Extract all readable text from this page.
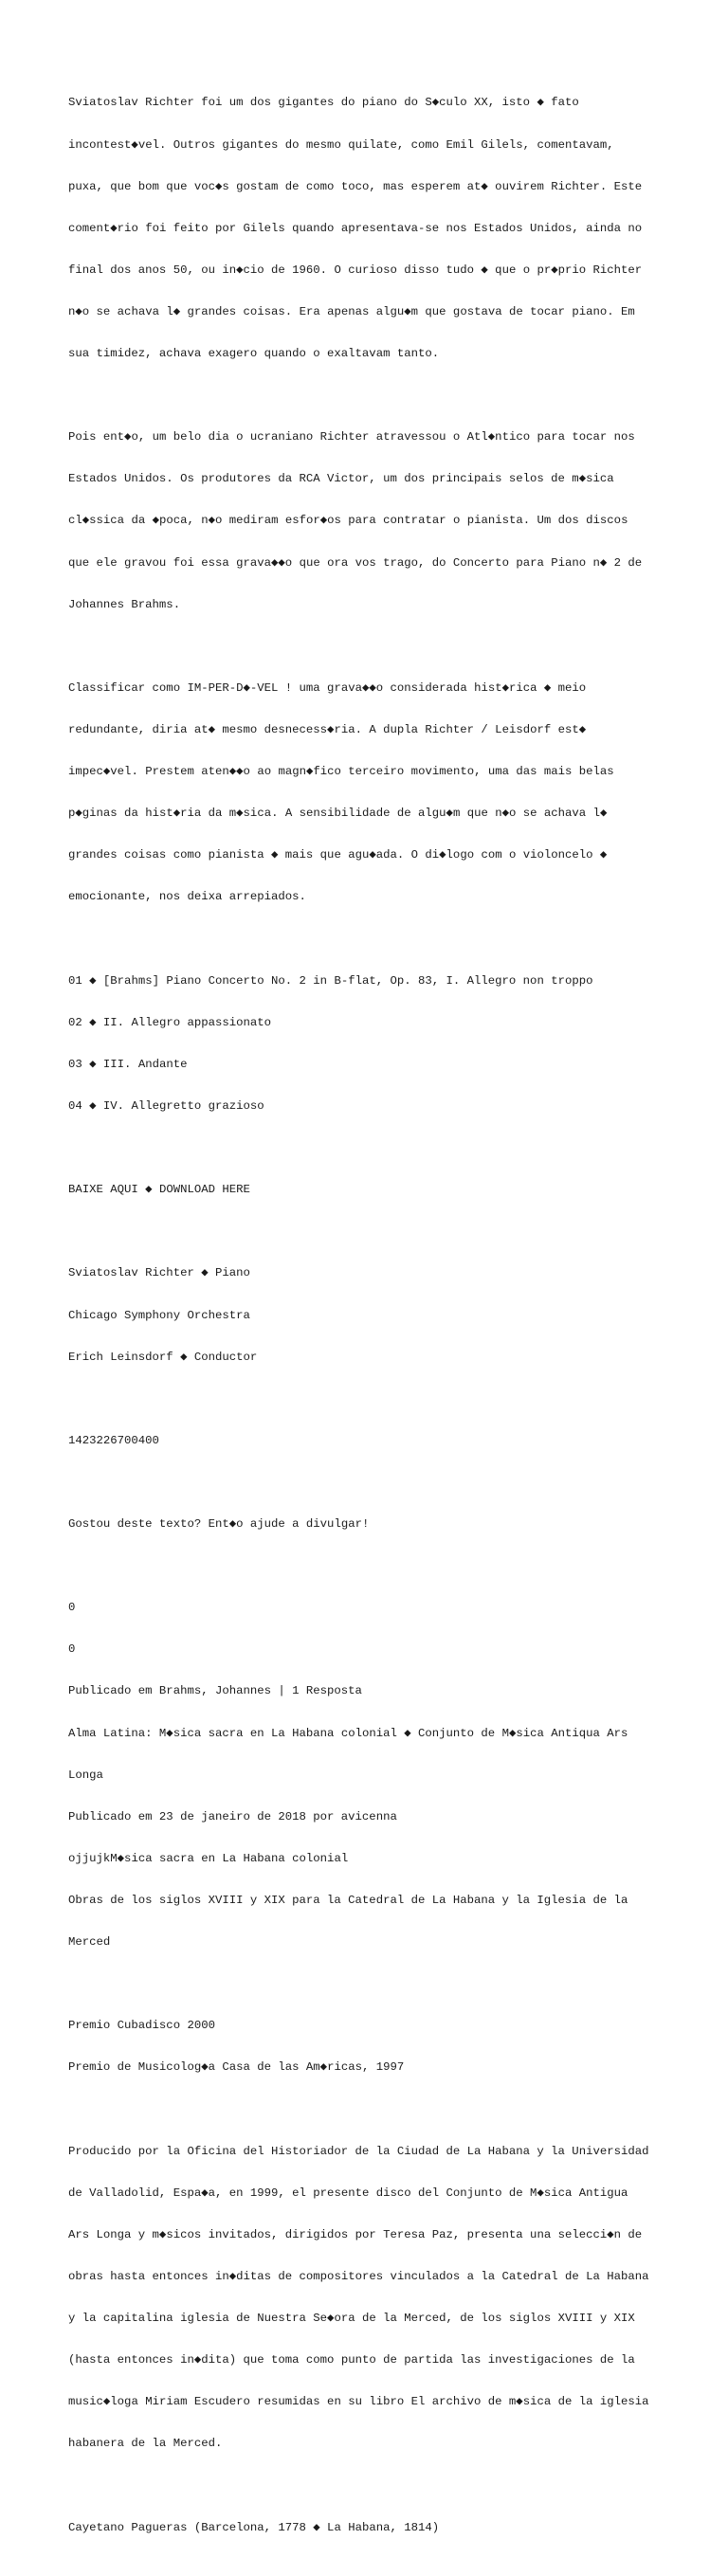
Sviatoslav Richter foi um dos gigantes do piano do S◆culo XX, isto ◆ fato

incontest◆vel. Outros gigantes do mesmo quilate, como Emil Gilels, comentavam,

puxa, que bom que voc◆s gostam de como toco, mas esperem at◆ ouvirem Richter. Este

coment◆rio foi feito por Gilels quando apresentava-se nos Estados Unidos, ainda no

final dos anos 50, ou in◆cio de 1960. O curioso disso tudo ◆ que o pr◆prio Richter

n◆o se achava l◆ grandes coisas. Era apenas algu◆m que gostava de tocar piano. Em

sua timidez, achava exagero quando o exaltavam tanto.

Pois ent◆o, um belo dia o ucraniano Richter atravessou o Atl◆ntico para tocar nos

Estados Unidos. Os produtores da RCA Victor, um dos principais selos de m◆sica

cl◆ssica da ◆poca, n◆o mediram esfor◆os para contratar o pianista. Um dos discos

que ele gravou foi essa grava◆◆o que ora vos trago, do Concerto para Piano n◆ 2 de

Johannes Brahms.

Classificar como IM-PER-D◆-VEL ! uma grava◆◆o considerada hist◆rica ◆ meio

redundante, diria at◆ mesmo desnecess◆ria. A dupla Richter / Leisdorf est◆

impec◆vel. Prestem aten◆◆o ao magn◆fico terceiro movimento, uma das mais belas

p◆ginas da hist◆ria da m◆sica. A sensibilidade de algu◆m que n◆o se achava l◆

grandes coisas como pianista ◆ mais que agu◆ada. O di◆logo com o violoncelo ◆

emocionante, nos deixa arrepiados.

01 ◆ [Brahms] Piano Concerto No. 2 in B-flat, Op. 83, I. Allegro non troppo

02 ◆ II. Allegro appassionato

03 ◆ III. Andante

04 ◆ IV. Allegretto grazioso

BAIXE AQUI ◆ DOWNLOAD HERE

Sviatoslav Richter ◆ Piano

Chicago Symphony Orchestra

Erich Leinsdorf ◆ Conductor

1423226700400

Gostou deste texto? Ent◆o ajude a divulgar!

0

0

Publicado em Brahms, Johannes | 1 Resposta

Alma Latina: M◆sica sacra en La Habana colonial ◆ Conjunto de M◆sica Antiqua Ars

Longa

Publicado em 23 de janeiro de 2018 por avicenna

ojjujkM◆sica sacra en La Habana colonial

Obras de los siglos XVIII y XIX para la Catedral de La Habana y la Iglesia de la

Merced

Premio Cubadisco 2000

Premio de Musicolog◆a Casa de las Am◆ricas, 1997

Producido por la Oficina del Historiador de la Ciudad de La Habana y la Universidad

de Valladolid, Espa◆a, en 1999, el presente disco del Conjunto de M◆sica Antigua

Ars Longa y m◆sicos invitados, dirigidos por Teresa Paz, presenta una selecci◆n de

obras hasta entonces in◆ditas de compositores vinculados a la Catedral de La Habana

y la capitalina iglesia de Nuestra Se◆ora de la Merced, de los siglos XVIII y XIX

(hasta entonces in◆dita) que toma como punto de partida las investigaciones de la

music◆loga Miriam Escudero resumidas en su libro El archivo de m◆sica de la iglesia

habanera de la Merced.

Cayetano Pagueras (Barcelona, 1778 ◆ La Habana, 1814)
